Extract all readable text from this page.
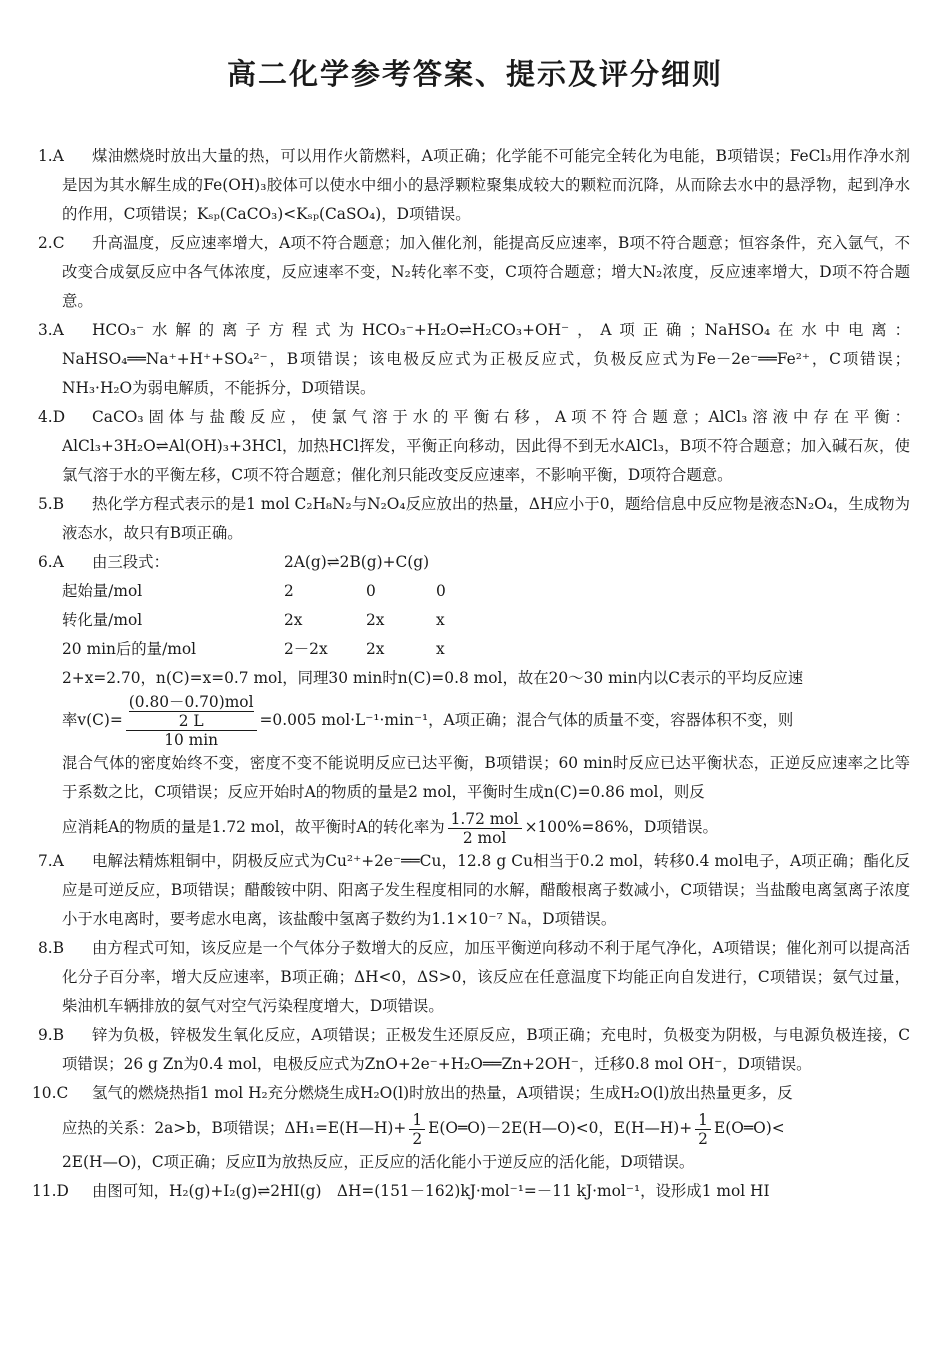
高二化学参考答案、提示及评分细则
1.A	煤油燃烧时放出大量的热，可以用作火箭燃料，A项正确；化学能不可能完全转化为电能，B项错误；FeCl₃用作净水剂是因为其水解生成的Fe(OH)₃胶体可以使水中细小的悬浮颗粒聚集成较大的颗粒而沉降，从而除去水中的悬浮物，起到净水的作用，C项错误；Kₛₚ(CaCO₃)<Kₛₚ(CaSO₄)，D项错误。
2.C	升高温度，反应速率增大，A项不符合题意；加入催化剂，能提高反应速率，B项不符合题意；恒容条件，充入氩气，不改变合成氨反应中各气体浓度，反应速率不变，N₂转化率不变，C项符合题意；增大N₂浓度，反应速率增大，D项不符合题意。
3.A	HCO₃⁻水解的离子方程式为HCO₃⁻+H₂O⇌H₂CO₃+OH⁻，A项正确；NaHSO₄在水中电离：NaHSO₄══Na⁺+H⁺+SO₄²⁻，B项错误；该电极反应式为正极反应式，负极反应式为Fe－2e⁻══Fe²⁺，C项错误；NH₃·H₂O为弱电解质，不能拆分，D项错误。
4.D	CaCO₃固体与盐酸反应，使氯气溶于水的平衡右移，A项不符合题意；AlCl₃溶液中存在平衡：AlCl₃+3H₂O⇌Al(OH)₃+3HCl，加热HCl挥发，平衡正向移动，因此得不到无水AlCl₃，B项不符合题意；加入碱石灰，使氯气溶于水的平衡左移，C项不符合题意；催化剂只能改变反应速率，不影响平衡，D项符合题意。
5.B	热化学方程式表示的是1 mol C₂H₈N₂与N₂O₄反应放出的热量，ΔH应小于0，题给信息中反应物是液态N₂O₄，生成物为液态水，故只有B项正确。
6.A	由三段式：	2A(g)⇌2B(g)+C(g)
起始量/mol	2	0	0
转化量/mol	2x	2x	x
20 min后的量/mol	2－2x	2x	x
2+x=2.70，n(C)=x=0.7 mol，同理30 min时n(C)=0.8 mol，故在20～30 min内以C表示的平均反应速
率v(C)= (0.80－0.70)mol
2 L
10 min =0.005 mol·L⁻¹·min⁻¹，A项正确；混合气体的质量不变，容器体积不变，则
混合气体的密度始终不变，密度不变不能说明反应已达平衡，B项错误；60 min时反应已达平衡状态，正逆反应速率之比等于系数之比，C项错误；反应开始时A的物质的量是2 mol，平衡时生成n(C)=0.86 mol，则反
应消耗A的物质的量是1.72 mol，故平衡时A的转化率为 $\frac{\text{1.72 mol}}{\text{2 mol}} \times 100\%=86\%$，D项错误。
7.A	电解法精炼粗铜中，阴极反应式为Cu²⁺+2e⁻══Cu，12.8 g Cu相当于0.2 mol，转移0.4 mol电子，A项正确；酯化反应是可逆反应，B项错误；醋酸铵中阴、阳离子发生程度相同的水解，醋酸根离子数减小，C项错误；当盐酸电离氢离子浓度小于水电离时，要考虑水电离，该盐酸中氢离子数约为1.1×10⁻⁷ Nₐ，D项错误。
8.B	由方程式可知，该反应是一个气体分子数增大的反应，加压平衡逆向移动不利于尾气净化，A项错误；催化剂可以提高活化分子百分率，增大反应速率，B项正确；ΔH<0，ΔS>0，该反应在任意温度下均能正向自发进行，C项错误；氨气过量，柴油机车辆排放的氨气对空气污染程度增大，D项错误。
9.B	锌为负极，锌极发生氧化反应，A项错误；正极发生还原反应，B项正确；充电时，负极变为阴极，与电源负极连接，C项错误；26 g Zn为0.4 mol，电极反应式为ZnO+2e⁻+H₂O══Zn+2OH⁻，迁移0.8 mol OH⁻，D项错误。
10.C	氢气的燃烧热指1 mol H₂充分燃烧生成H₂O(l)时放出的热量，A项错误；生成H₂O(l)放出热量更多，反
应热的关系：2a>b，B项错误；ΔH₁=E(H—H)+ $\frac{1}{2}$ E(O═O)－2E(H—O)<0，E(H—H)+ $\frac{1}{2}$ E(O═O)<
2E(H—O)，C项正确；反应Ⅱ为放热反应，正反应的活化能小于逆反应的活化能，D项错误。
11.D	由图可知，H₂(g)+I₂(g)⇌2HI(g)　ΔH=(151－162)kJ·mol⁻¹=－11 kJ·mol⁻¹，设形成1 mol HI
